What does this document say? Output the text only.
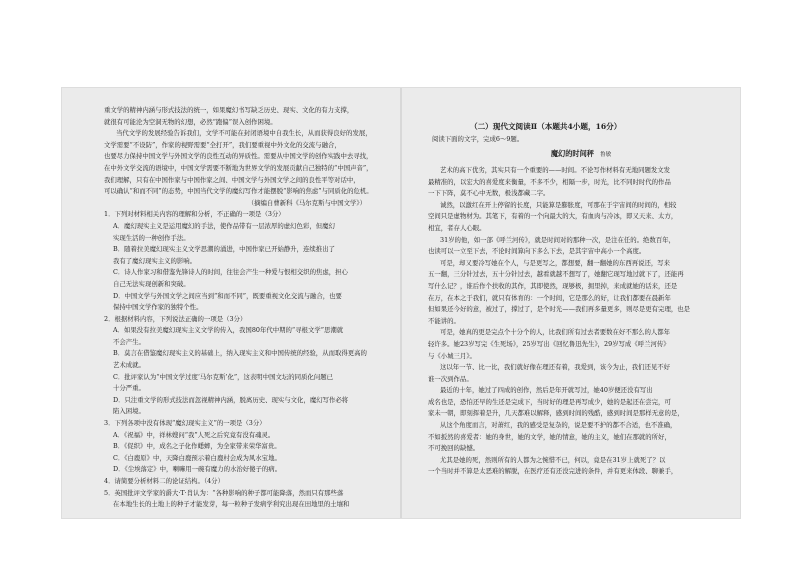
重文学的精神内涵与形式技法的统一，如果魔幻书写缺乏历史、现实、文化的有力支撑，

就很有可能沦为空洞无物的幻想，必然“跑偏”误入创作困境。

当代文学的发展经验告诉我们，文学不可能在封闭语境中自我生长，从而获得良好的发展，

文学需要“不设防”，作家的视野需要“全打开”，我们要重视中外文化的交流与融合，

也要尽力保持中国文学与外国文学的良性互动的异质性。需要从中国文学的创作实践中去寻找，

在中外文学交流的语境中，中国文学需要不断地为世界文学的发展贡献自己独特的“中国声音”，

我们理解，只有在中国作家与中国作家之间、中国文学与外国文学之间的良性平等对话中，

可以确认“和而不同”的态势，中国当代文学的魔幻写作才能摆脱“影响的焦虑”与同质化的危机。

（摘编自曹新科《马尔克斯与中国文学》）

1．下列对材料相关内容的理解和分析，不正确的一项是（3分）

A．魔幻现实主义是运用魔幻的手法，使作品带有一层浓厚的虚幻色彩，但魔幻

实现生活的一种创作手法。

B．随着拉美魔幻现实主义文学思潮的涌进，中国作家已开始静升，连续推出了

我有了魔幻现实主义的影响。

C．诗人作家习和借鉴先锋诗人的时间，往往会产生一种爱与恨相交织的焦虑，担心

自己无法实现创新和突破。

D．中国文学与外国文学之间应当到“和而不同”，既要重视文化交流与融合，也要

保持中国文学作家的独特个性。

2．根据材料内容，下列说法正确的一项是（3分）

A．如果没有拉美魔幻现实主义文学的传入，我国80年代中期的“寻根文学”思潮就

不会产生。

B．莫言在借鉴魔幻现实主义的基础上，纳入现实主义和中国传统的经验，从而取得更高的

艺术成就。

C．批评家认为“中国文学过度‘马尔克斯’化”，这表明中国文坛的同质化问题已

十分严重。

D．只注重文学的形式技法而忽视精神内涵，脱离历史、现实与文化，魔幻写作必将

陷入困境。

3．下列各项中没有体现“魔幻现实主义”的一项是（3分）

A．《祝福》中，祥林嫂问“我”人死之后究竟有没有魂灵。

B．《促织》中，成名之子化作蟋蟀，为全家带来荣华富贵。

C．《白鹿原》中，天降白鹿预示着白鹿村会成为风水宝地。

D．《尘埃落定》中，喇嘛用一碗有魔力的水治好傻子的病。

4．请简要分析材料二的论证结构。（4分）

5．英国批评文学家的爵大·T·肖认为：“各种影响的种子都可能降落，然而只有那些落

在本地生长的土地上的种子才能发芽，每一粒种子发病学利究出现在田地里的土壤和

（二）现代文阅读Ⅱ（本题共4小题，16分）
阅读下面的文字，完成6～9题。
魔幻的时间秤 鲁敏

艺术的高下优劣，其实只有一个重要的——时间。不论写作材料有无地同题发文发

最精准的，以宏大的喜爱度来衡量，不多不少，相隔一步，时光，比不同时时代的作品

一下下阵，莫不心中无数，极浅都藏二字。

诚然，以激红在开上停留的长度，只能算是膨胀度，可那在于宇宙间的时间的，相较

空间只是虚物材为。其笔下，有着的一个向最大的大，有血肉与冷冰，即又天来、太方，

相宜，者存人心眼。

31岁的他，如一部《呼兰河传》，就是时间对的那种一次，是注在任的。绝数百年，

也读可以一立至下去，不论时间算向下多么下去，是其宇宙中高小一个高度。

可是，却又要冷写她在个人，与是更写之，都想要，翻一翻她的东西再说还，写来

五一翻，三分针过去，五十分针过去，越看就越不想写了，她翻它现写地过就下了，还能再

写什么记？，谁后作个扶收的其作，其即使然，现够极，拥里掉，来成就她的话来，还是

在万，在本之于我们，就只有体育的：一个时间，它是那么的好，让我们都要在晨新年

但如果还今好的意，被过了，撑过了，是个时光——我们再多量更多，则尽是更有完理，也是

不能讲的。

可是，她真的更是完点个十分个的人，比我们所有过去者要数在好不那么的人都年

轻许多。她23岁写完《生死场》，25岁写出《回忆鲁迅先生》，29岁写成《呼兰河传》

与《小城三月》。

这以年一节、比一比，我们就好像在理还有着，我爱到，该今为止，我们还见不好

谁一次到作品。

最近的十年，她过了四成的创作，然后是年开就写过，她40岁便还没有写出

成名也是，恐怕还早的生还是完成下，当时好的理是再写成少，她的是起还在尝完，可

家未一朝，即刻挥着是升，几天都难以解释，感到时间的残酷，感到时间是那样无意的是，

从这个角度而言，对萧红，我的感受是复杂的，说是要不护的都不合适，也不准确，

不如扳然的喜爱者：她的身世，她的文学，她的情意，她的主义，她们在那就的所好，

不可挽回的缺憾。

尤其是她的死，然则所有的人都为之惋惜不已，何以，竟是在31岁上就死了？以

一个当时并不算是太恶难的解脱，在医疗还有还没完进的条件，并有更来体段、聊兼手，
